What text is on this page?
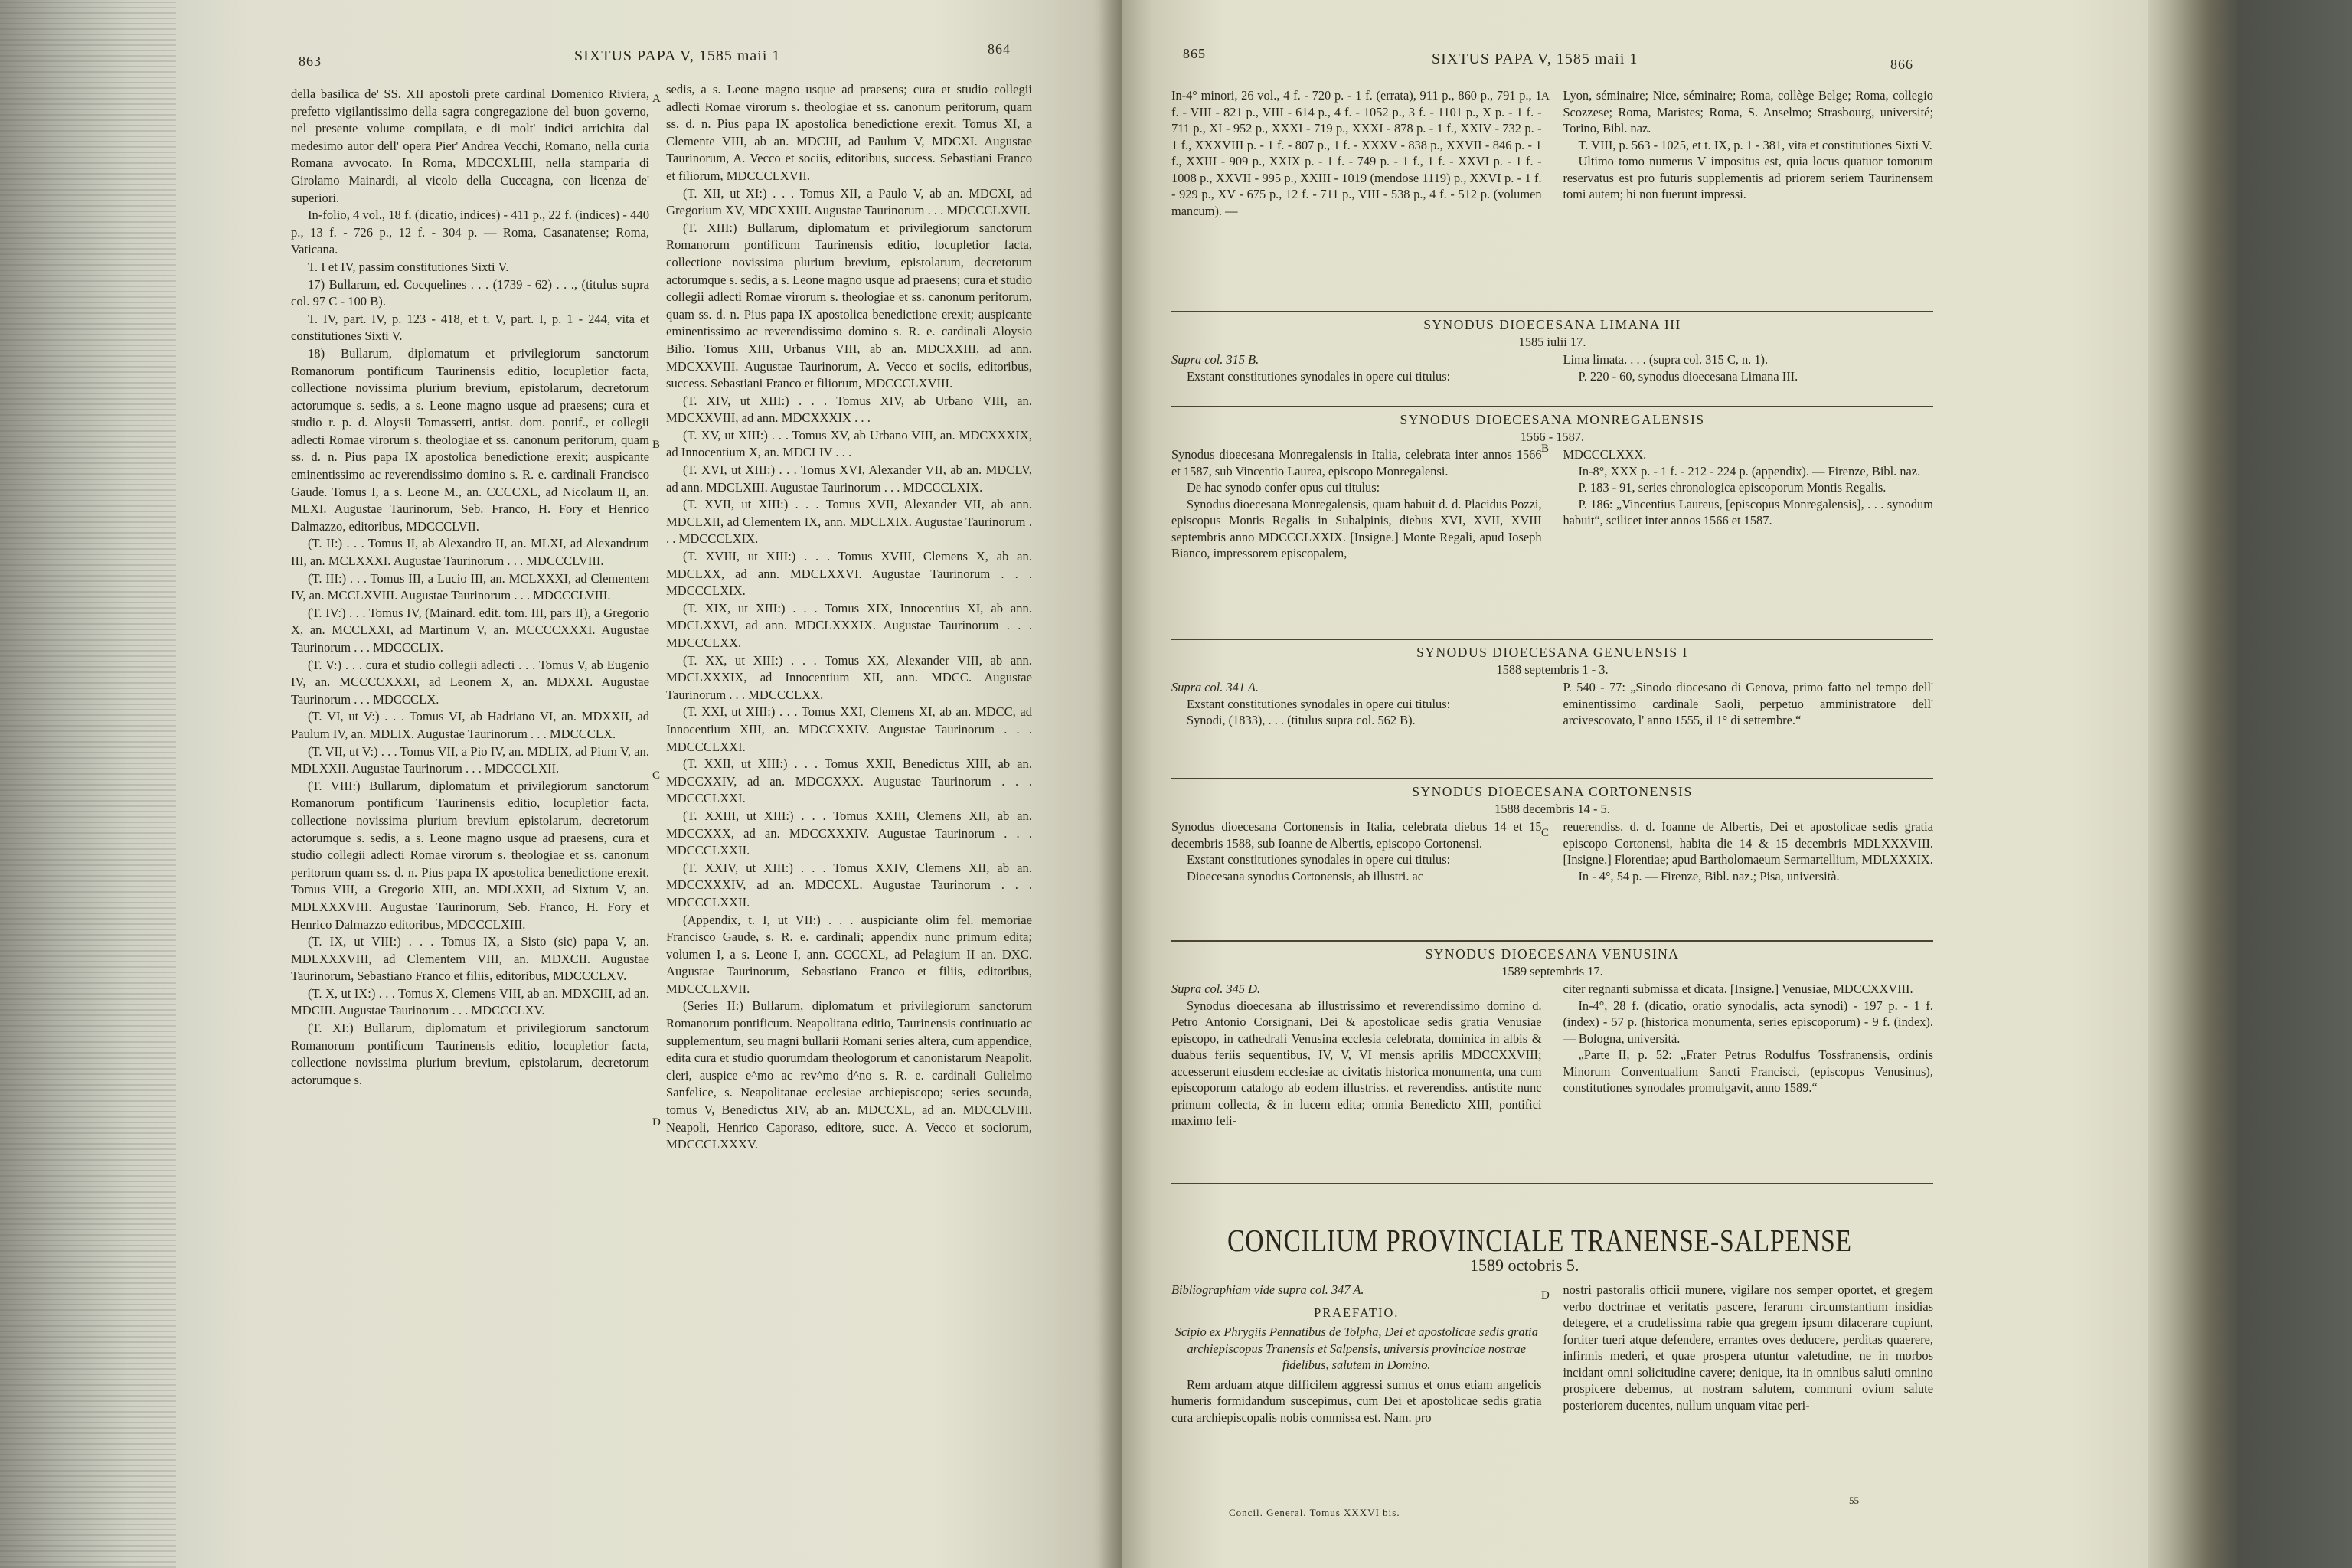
863	SIXTUS PAPA V, 1585 maii 1	864

della basilica de' SS. XII apostoli prete cardinal Domenico Riviera, prefetto vigilantissimo della sagra congregazione del buon governo, nel presente volume compilata, e di molt' indici arrichita dal medesimo autor dell' opera Pier' Andrea Vecchi, Romano, nella curia Romana avvocato. In Roma, MDCCXLIII, nella stamparia di Girolamo Mainardi, al vicolo della Cuccagna, con licenza de' superiori.

In-folio, 4 vol., 18 f. (dicatio, indices) - 411 p., 22 f. (indices) - 440 p., 13 f. - 726 p., 12 f. - 304 p. — Roma, Casanatense; Roma, Vaticana.

T. I et IV, passim constitutiones Sixti V.

17) Bullarum, ed. Cocquelines . . . (1739 - 62) . . ., (titulus supra col. 97 C - 100 B).

T. IV, part. IV, p. 123 - 418, et t. V, part. I, p. 1 - 244, vita et constitutiones Sixti V.

18) Bullarum, diplomatum et privilegiorum sanctorum Romanorum pontificum Taurinensis editio, locupletior facta, collectione novissima plurium brevium, epistolarum, decretorum actorumque s. sedis, a s. Leone magno usque ad praesens; cura et studio r. p. d. Aloysii Tomassetti, antist. dom. pontif., et collegii adlecti Romae virorum s. theologiae et ss. canonum peritorum, quam ss. d. n. Pius papa IX apostolica benedictione erexit; auspicante eminentissimo ac reverendissimo domino s. R. e. cardinali Francisco Gaude. Tomus I, a s. Leone M., an. CCCCXL, ad Nicolaum II, an. MLXI. Augustae Taurinorum, Seb. Franco, H. Fory et Henrico Dalmazzo, editoribus, MDCCCLVII.

(T. II:) . . . Tomus II, ab Alexandro II, an. MLXI, ad Alexandrum III, an. MCLXXXI. Augustae Taurinorum . . . MDCCCLVIII.

(T. III:) . . . Tomus III, a Lucio III, an. MCLXXXI, ad Clementem IV, an. MCCLXVIII. Augustae Taurinorum . . . MDCCCLVIII.

(T. IV:) . . . Tomus IV, (Mainard. edit. tom. III, pars II), a Gregorio X, an. MCCLXXI, ad Martinum V, an. MCCCCXXXI. Augustae Taurinorum . . . MDCCCLIX.

(T. V:) . . . cura et studio collegii adlecti . . . Tomus V, ab Eugenio IV, an. MCCCCXXXI, ad Leonem X, an. MDXXI. Augustae Taurinorum . . . MDCCCLX.

(T. VI, ut V:) . . . Tomus VI, ab Hadriano VI, an. MDXXII, ad Paulum IV, an. MDLIX. Augustae Taurinorum . . . MDCCCLX.

(T. VII, ut V:) . . . Tomus VII, a Pio IV, an. MDLIX, ad Pium V, an. MDLXXII. Augustae Taurinorum . . . MDCCCLXII.

(T. VIII:) Bullarum, diplomatum et privilegiorum sanctorum Romanorum pontificum Taurinensis editio, locupletior facta, collectione novissima plurium brevium epistolarum, decretorum actorumque s. sedis, a s. Leone magno usque ad praesens, cura et studio collegii adlecti Romae virorum s. theologiae et ss. canonum peritorum quam ss. d. n. Pius papa IX apostolica benedictione erexit. Tomus VIII, a Gregorio XIII, an. MDLXXII, ad Sixtum V, an. MDLXXXVIII. Augustae Taurinorum, Seb. Franco, H. Fory et Henrico Dalmazzo editoribus, MDCCCLXIII.

(T. IX, ut VIII:) . . . Tomus IX, a Sisto (sic) papa V, an. MDLXXXVIII, ad Clementem VIII, an. MDXCII. Augustae Taurinorum, Sebastiano Franco et filiis, editoribus, MDCCCLXV.

(T. X, ut IX:) . . . Tomus X, Clemens VIII, ab an. MDXCIII, ad an. MDCIII. Augustae Taurinorum . . . MDCCCLXV.

(T. XI:) Bullarum, diplomatum et privilegiorum sanctorum Romanorum pontificum Taurinensis editio, locupletior facta, collectione novissima plurium brevium, epistolarum, decretorum actorumque s.

sedis, a s. Leone magno usque ad praesens; cura et studio collegii adlecti Romae virorum s. theologiae et ss. canonum peritorum, quam ss. d. n. Pius papa IX apostolica benedictione erexit. Tomus XI, a Clemente VIII, ab an. MDCIII, ad Paulum V, MDCXI. Augustae Taurinorum, A. Vecco et sociis, editoribus, success. Sebastiani Franco et filiorum, MDCCCLXVII.

(T. XII, ut XI:) . . . Tomus XII, a Paulo V, ab an. MDCXI, ad Gregorium XV, MDCXXIII. Augustae Taurinorum . . . MDCCCLXVII.

(T. XIII:) Bullarum, diplomatum et privilegiorum sanctorum Romanorum pontificum Taurinensis editio, locupletior facta, collectione novissima plurium brevium, epistolarum, decretorum actorumque s. sedis, a s. Leone magno usque ad praesens; cura et studio collegii adlecti Romae virorum s. theologiae et ss. canonum peritorum, quam ss. d. n. Pius papa IX apostolica benedictione erexit; auspicante eminentissimo ac reverendissimo domino s. R. e. cardinali Aloysio Bilio. Tomus XIII, Urbanus VIII, ab an. MDCXXIII, ad ann. MDCXXVIII. Augustae Taurinorum, A. Vecco et sociis, editoribus, success. Sebastiani Franco et filiorum, MDCCCLXVIII.

(T. XIV, ut XIII:) . . . Tomus XIV, ab Urbano VIII, an. MDCXXVIII, ad ann. MDCXXXIX . . .

(T. XV, ut XIII:) . . . Tomus XV, ab Urbano VIII, an. MDCXXXIX, ad Innocentium X, an. MDCLIV . . .

(T. XVI, ut XIII:) . . . Tomus XVI, Alexander VII, ab an. MDCLV, ad ann. MDCLXIII. Augustae Taurinorum . . . MDCCCLXIX.

(T. XVII, ut XIII:) . . . Tomus XVII, Alexander VII, ab ann. MDCLXII, ad Clementem IX, ann. MDCLXIX. Augustae Taurinorum . . . MDCCCLXIX.

(T. XVIII, ut XIII:) . . . Tomus XVIII, Clemens X, ab an. MDCLXX, ad ann. MDCLXXVI. Augustae Taurinorum . . . MDCCCLXIX.

(T. XIX, ut XIII:) . . . Tomus XIX, Innocentius XI, ab ann. MDCLXXVI, ad ann. MDCLXXXIX. Augustae Taurinorum . . . MDCCCLXX.

(T. XX, ut XIII:) . . . Tomus XX, Alexander VIII, ab ann. MDCLXXXIX, ad Innocentium XII, ann. MDCC. Augustae Taurinorum . . . MDCCCLXX.

(T. XXI, ut XIII:) . . . Tomus XXI, Clemens XI, ab an. MDCC, ad Innocentium XIII, an. MDCCXXIV. Augustae Taurinorum . . . MDCCCLXXI.

(T. XXII, ut XIII:) . . . Tomus XXII, Benedictus XIII, ab an. MDCCXXIV, ad an. MDCCXXX. Augustae Taurinorum . . . MDCCCLXXI.

(T. XXIII, ut XIII:) . . . Tomus XXIII, Clemens XII, ab an. MDCCXXX, ad an. MDCCXXXIV. Augustae Taurinorum . . . MDCCCLXXII.

(T. XXIV, ut XIII:) . . . Tomus XXIV, Clemens XII, ab an. MDCCXXXIV, ad an. MDCCXL. Augustae Taurinorum . . . MDCCCLXXII.

(Appendix, t. I, ut VII:) . . . auspiciante olim fel. memoriae Francisco Gaude, s. R. e. cardinali; appendix nunc primum edita; volumen I, a s. Leone I, ann. CCCCXL, ad Pelagium II an. DXC. Augustae Taurinorum, Sebastiano Franco et filiis, editoribus, MDCCCLXVII.

(Series II:) Bullarum, diplomatum et privilegiorum sanctorum Romanorum pontificum. Neapolitana editio, Taurinensis continuatio ac supplementum, seu magni bullarii Romani series altera, cum appendice, edita cura et studio quorumdam theologorum et canonistarum Neapolit. cleri, auspice e^mo ac rev^mo d^no s. R. e. cardinali Gulielmo Sanfelice, s. Neapolitanae ecclesiae archiepiscopo; series secunda, tomus V, Benedictus XIV, ab an. MDCCXL, ad an. MDCCLVIII. Neapoli, Henrico Caporaso, editore, succ. A. Vecco et sociorum, MDCCCLXXXV.

A
B
C
D
865	SIXTUS PAPA V, 1585 maii 1	866

In-4° minori, 26 vol., 4 f. - 720 p. - 1 f. (errata), 911 p., 860 p., 791 p., 1 f. - VIII - 821 p., VIII - 614 p., 4 f. - 1052 p., 3 f. - 1101 p., X p. - 1 f. - 711 p., XI - 952 p., XXXI - 719 p., XXXI - 878 p. - 1 f., XXIV - 732 p. - 1 f., XXXVIII p. - 1 f. - 807 p., 1 f. - XXXV - 838 p., XXVII - 846 p. - 1 f., XXIII - 909 p., XXIX p. - 1 f. - 749 p. - 1 f., 1 f. - XXVI p. - 1 f. - 1008 p., XXVII - 995 p., XXIII - 1019 (mendose 1119) p., XXVI p. - 1 f. - 929 p., XV - 675 p., 12 f. - 711 p., VIII - 538 p., 4 f. - 512 p. (volumen mancum). —

Lyon, séminaire; Nice, séminaire; Roma, collège Belge; Roma, collegio Scozzese; Roma, Maristes; Roma, S. Anselmo; Strasbourg, université; Torino, Bibl. naz.

T. VIII, p. 563 - 1025, et t. IX, p. 1 - 381, vita et constitutiones Sixti V.

Ultimo tomo numerus V impositus est, quia locus quatuor tomorum reservatus est pro futuris supplementis ad priorem seriem Taurinensem tomi autem; hi non fuerunt impressi.

SYNODUS DIOECESANA LIMANA III
1585 iulii 17.

Supra col. 315 B.

Exstant constitutiones synodales in opere cui titulus:

Lima limata. . . . (supra col. 315 C, n. 1).

P. 220 - 60, synodus dioecesana Limana III.

SYNODUS DIOECESANA MONREGALENSIS
1566 - 1587.

Synodus dioecesana Monregalensis in Italia, celebrata inter annos 1566 et 1587, sub Vincentio Laurea, episcopo Monregalensi.

De hac synodo confer opus cui titulus:

Synodus dioecesana Monregalensis, quam habuit d. d. Placidus Pozzi, episcopus Montis Regalis in Subalpinis, diebus XVI, XVII, XVIII septembris anno MDCCCLXXIX. [Insigne.] Monte Regali, apud Ioseph Bianco, impressorem episcopalem,

MDCCCLXXX.

In-8°, XXX p. - 1 f. - 212 - 224 p. (appendix). — Firenze, Bibl. naz.

P. 183 - 91, series chronologica episcoporum Montis Regalis.

P. 186: „Vincentius Laureus, [episcopus Monregalensis], . . . synodum habuit“, scilicet inter annos 1566 et 1587.

SYNODUS DIOECESANA GENUENSIS I
1588 septembris 1 - 3.

Supra col. 341 A.

Exstant constitutiones synodales in opere cui titulus:

Synodi, (1833), . . . (titulus supra col. 562 B).

P. 540 - 77: „Sinodo diocesano di Genova, primo fatto nel tempo dell' eminentissimo cardinale Saoli, perpetuo amministratore dell' arcivescovato, l' anno 1555, il 1° di settembre.“

SYNODUS DIOECESANA CORTONENSIS
1588 decembris 14 - 5.

Synodus dioecesana Cortonensis in Italia, celebrata diebus 14 et 15 decembris 1588, sub Ioanne de Albertis, episcopo Cortonensi.

Exstant constitutiones synodales in opere cui titulus:

Dioecesana synodus Cortonensis, ab illustri. ac

reuerendiss. d. d. Ioanne de Albertis, Dei et apostolicae sedis gratia episcopo Cortonensi, habita die 14 & 15 decembris MDLXXXVIII. [Insigne.] Florentiae; apud Bartholomaeum Sermartellium, MDLXXXIX.

In - 4°, 54 p. — Firenze, Bibl. naz.; Pisa, università.

SYNODUS DIOECESANA VENUSINA
1589 septembris 17.

Supra col. 345 D.

Synodus dioecesana ab illustrissimo et reverendissimo domino d. Petro Antonio Corsignani, Dei & apostolicae sedis gratia Venusiae episcopo, in cathedrali Venusina ecclesia celebrata, dominica in albis & duabus feriis sequentibus, IV, V, VI mensis aprilis MDCCXXVIII; accesserunt eiusdem ecclesiae ac civitatis historica monumenta, una cum episcoporum catalogo ab eodem illustriss. et reverendiss. antistite nunc primum collecta, & in lucem edita; omnia Benedicto XIII, pontifici maximo feli-

citer regnanti submissa et dicata. [Insigne.] Venusiae, MDCCXXVIII.

In-4°, 28 f. (dicatio, oratio synodalis, acta synodi) - 197 p. - 1 f. (index) - 57 p. (historica monumenta, series episcoporum) - 9 f. (index). — Bologna, università.

„Parte II, p. 52: „Frater Petrus Rodulfus Tossfranensis, ordinis Minorum Conventualium Sancti Francisci, (episcopus Venusinus), constitutiones synodales promulgavit, anno 1589.“

CONCILIUM PROVINCIALE TRANENSE-SALPENSE
1589 octobris 5.

Bibliographiam vide supra col. 347 A.

PRAEFATIO.

Scipio ex Phrygiis Pennatibus de Tolpha, Dei et apostolicae sedis gratia archiepiscopus Tranensis et Salpensis, universis provinciae nostrae fidelibus, salutem in Domino.

Rem arduam atque difficilem aggressi sumus et onus etiam angelicis humeris formidandum suscepimus, cum Dei et apostolicae sedis gratia cura archiepiscopalis nobis commissa est. Nam. pro

nostri pastoralis officii munere, vigilare nos semper oportet, et gregem verbo doctrinae et veritatis pascere, ferarum circumstantium insidias detegere, et a crudelissima rabie qua gregem ipsum dilacerare cupiunt, fortiter tueri atque defendere, errantes oves deducere, perditas quaerere, infirmis mederi, et quae prospera utuntur valetudine, ne in morbos incidant omni solicitudine cavere; denique, ita in omnibus saluti omnino prospicere debemus, ut nostram salutem, communi ovium salute posteriorem ducentes, nullum unquam vitae peri-

Concil. General. Tomus XXXVI bis.
55
A
B
C
D
